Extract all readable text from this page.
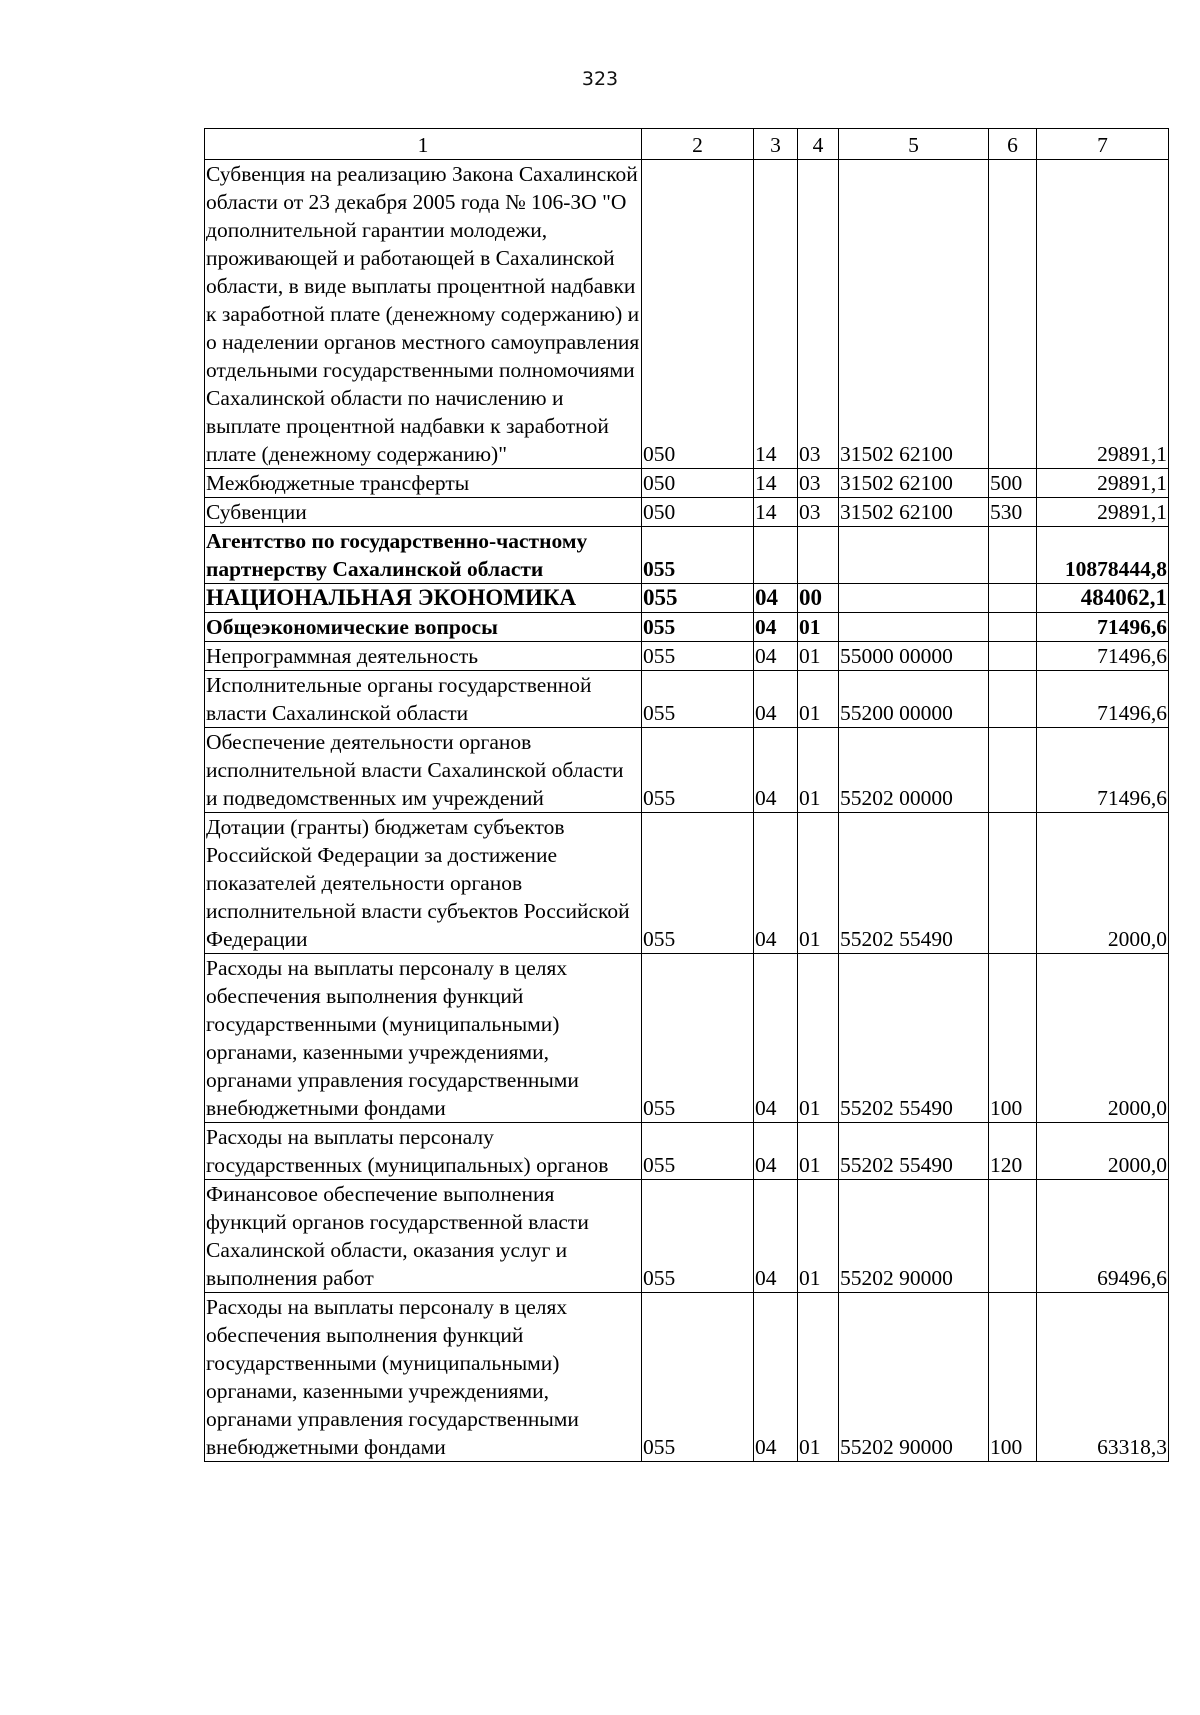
323
1	2	3	4	5	6	7
Субвенция на реализацию Закона Сахалинской области от 23 декабря 2005 года № 106-ЗО "О дополнительной гарантии молодежи, проживающей и работающей в Сахалинской области, в виде выплаты процентной надбавки к заработной плате (денежному содержанию) и о наделении органов местного самоуправления отдельными государственными полномочиями Сахалинской области по начислению и выплате процентной надбавки к заработной плате (денежному содержанию)"	050	14	03	31502 62100		29891,1
Межбюджетные трансферты	050	14	03	31502 62100	500	29891,1
Субвенции	050	14	03	31502 62100	530	29891,1
Агентство по государственно-частному партнерству Сахалинской области	055					10878444,8
НАЦИОНАЛЬНАЯ ЭКОНОМИКА	055	04	00			484062,1
Общеэкономические вопросы	055	04	01			71496,6
Непрограммная деятельность	055	04	01	55000 00000		71496,6
Исполнительные органы государственной власти Сахалинской области	055	04	01	55200 00000		71496,6
Обеспечение деятельности органов исполнительной власти Сахалинской области и подведомственных им учреждений	055	04	01	55202 00000		71496,6
Дотации (гранты) бюджетам субъектов Российской Федерации за достижение показателей деятельности органов исполнительной власти субъектов Российской Федерации	055	04	01	55202 55490		2000,0
Расходы на выплаты персоналу в целях обеспечения выполнения функций государственными (муниципальными) органами, казенными учреждениями, органами управления государственными внебюджетными фондами	055	04	01	55202 55490	100	2000,0
Расходы на выплаты персоналу государственных (муниципальных) органов	055	04	01	55202 55490	120	2000,0
Финансовое обеспечение выполнения функций органов государственной власти Сахалинской области, оказания услуг и выполнения работ	055	04	01	55202 90000		69496,6
Расходы на выплаты персоналу в целях обеспечения выполнения функций государственными (муниципальными) органами, казенными учреждениями, органами управления государственными внебюджетными фондами	055	04	01	55202 90000	100	63318,3
